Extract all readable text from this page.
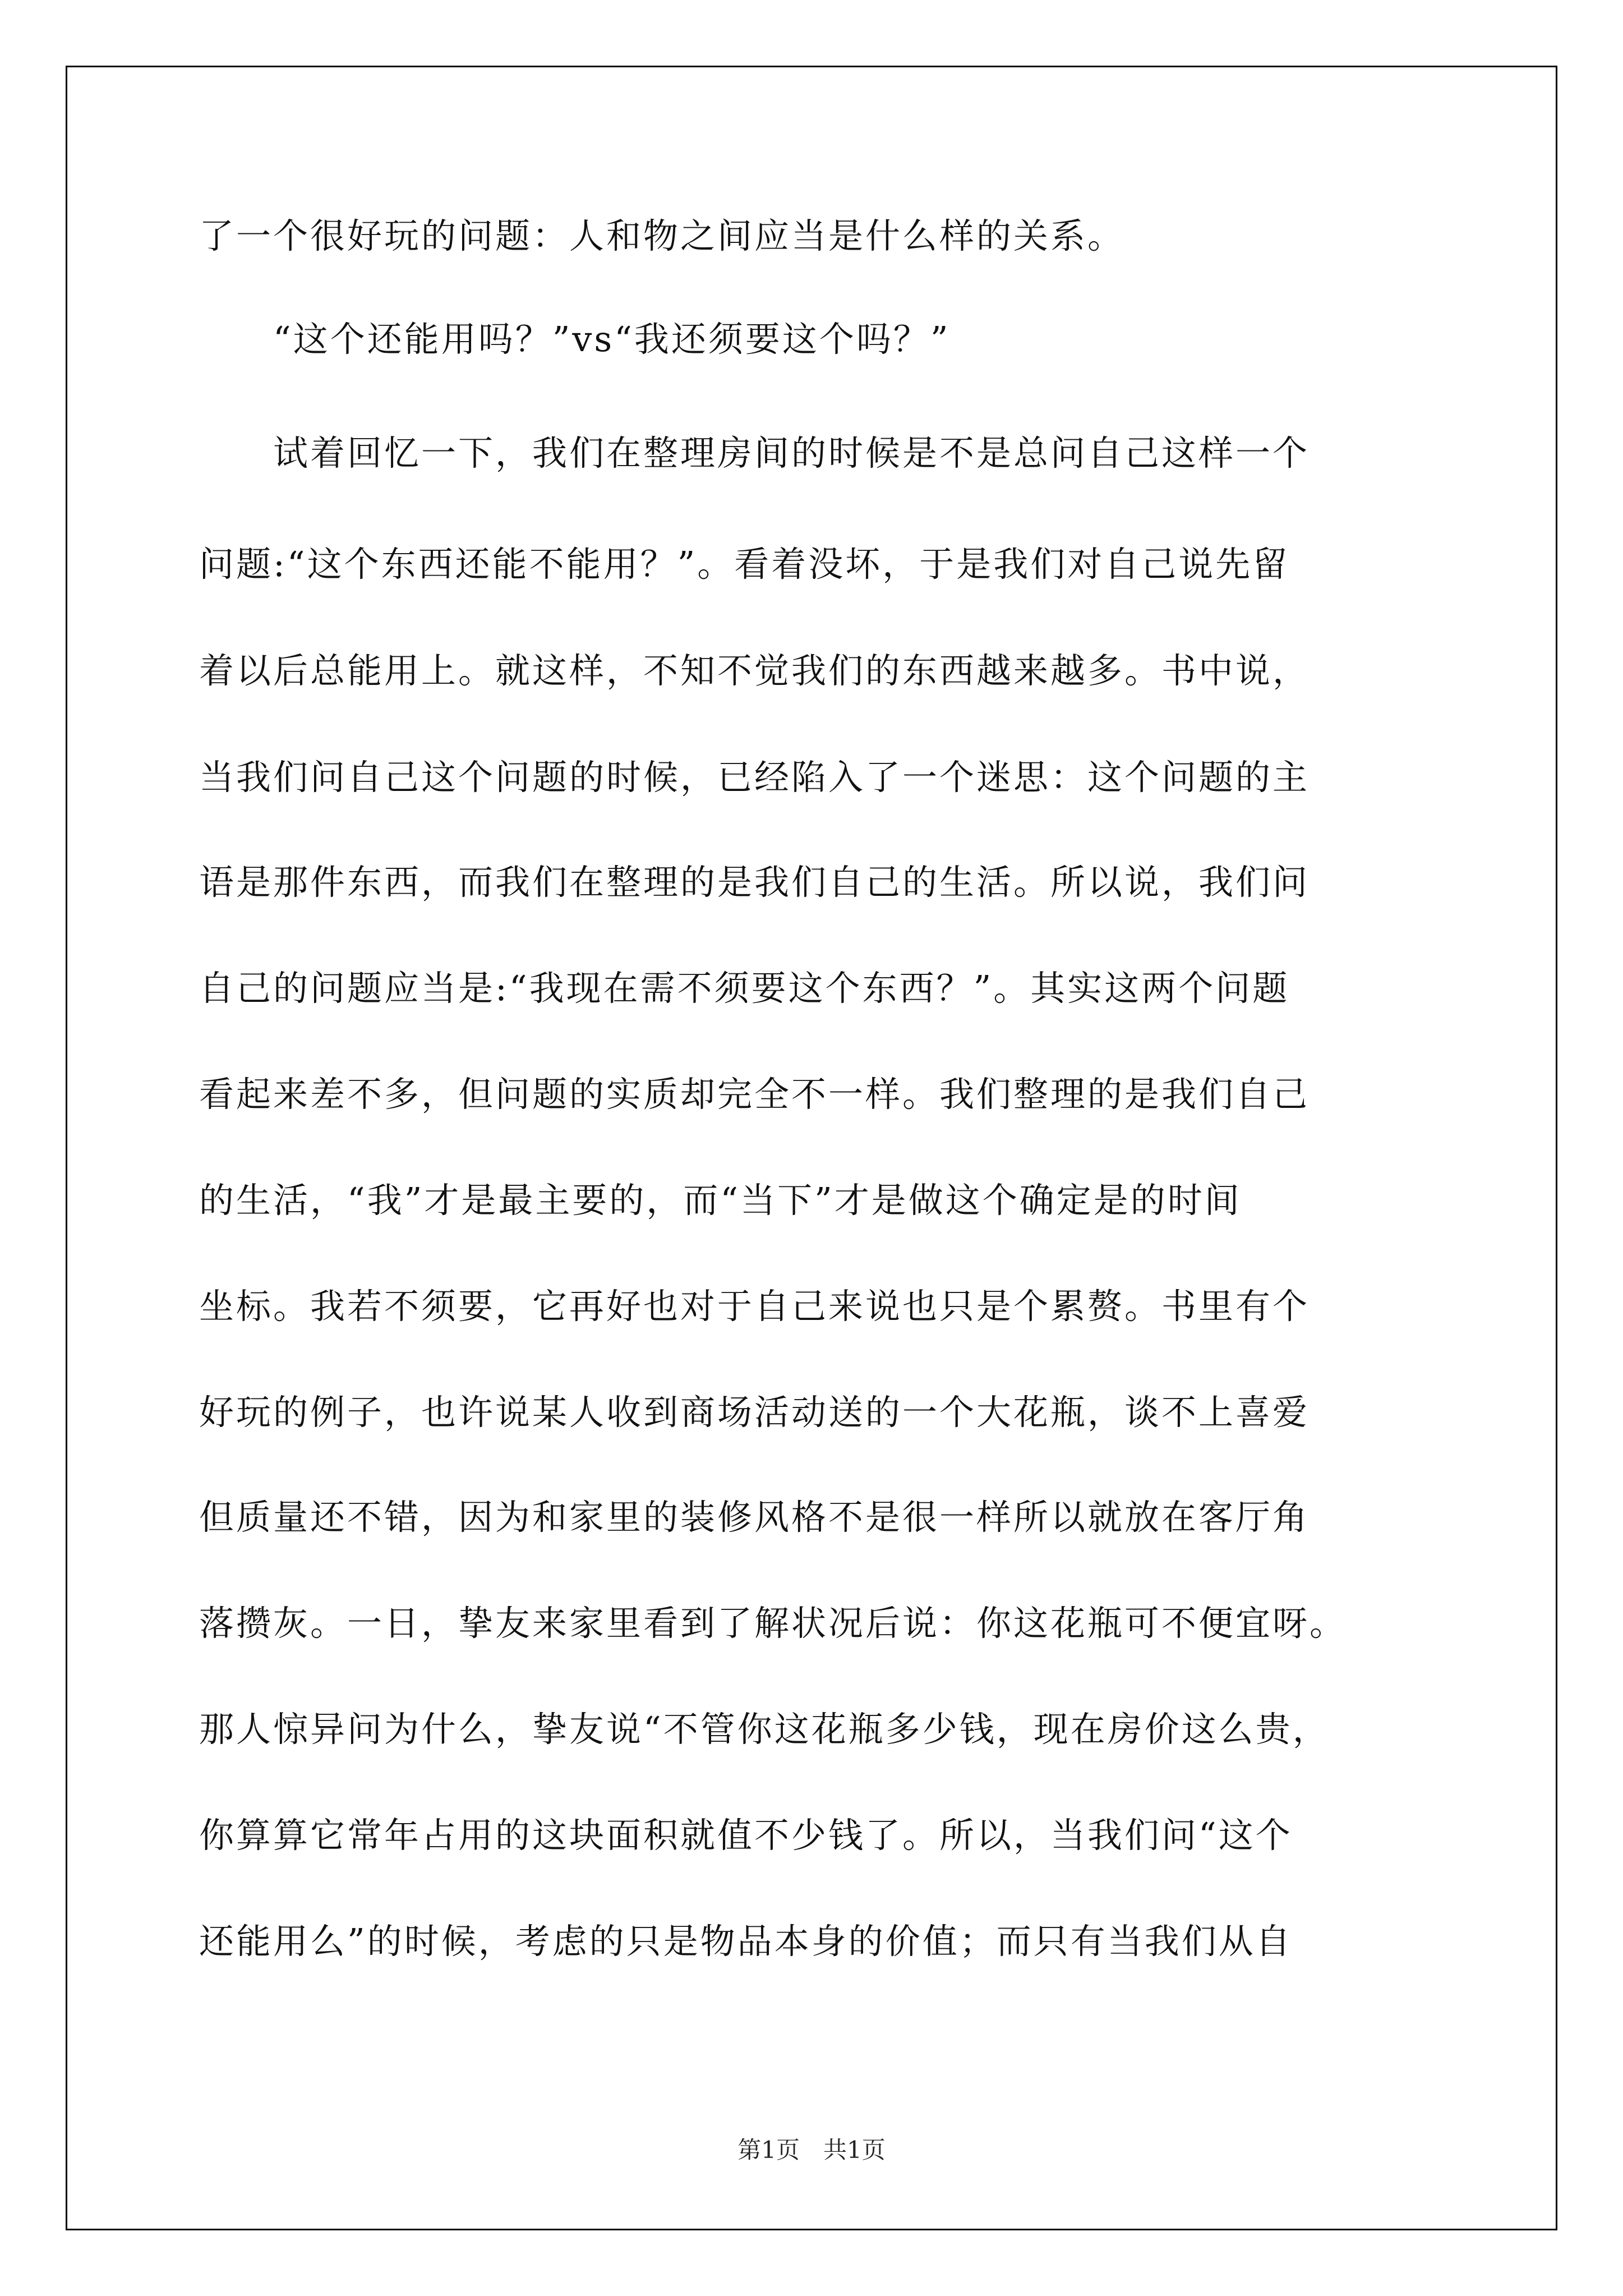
了一个很好玩的问题：人和物之间应当是什么样的关系。
　　“这个还能用吗？”vs“我还须要这个吗？”
　　试着回忆一下，我们在整理房间的时候是不是总问自己这样一个
问题:“这个东西还能不能用？”。看着没坏，于是我们对自己说先留
着以后总能用上。就这样，不知不觉我们的东西越来越多。书中说，
当我们问自己这个问题的时候，已经陷入了一个迷思：这个问题的主
语是那件东西，而我们在整理的是我们自己的生活。所以说，我们问
自己的问题应当是:“我现在需不须要这个东西？”。其实这两个问题
看起来差不多，但问题的实质却完全不一样。我们整理的是我们自己
的生活，“我”才是最主要的，而“当下”才是做这个确定是的时间
坐标。我若不须要，它再好也对于自己来说也只是个累赘。书里有个
好玩的例子，也许说某人收到商场活动送的一个大花瓶，谈不上喜爱
但质量还不错，因为和家里的装修风格不是很一样所以就放在客厅角
落攒灰。一日，挚友来家里看到了解状况后说：你这花瓶可不便宜呀。
那人惊异问为什么，挚友说“不管你这花瓶多少钱，现在房价这么贵，
你算算它常年占用的这块面积就值不少钱了。所以，当我们问“这个
还能用么”的时候，考虑的只是物品本身的价值；而只有当我们从自
第1页　共1页
